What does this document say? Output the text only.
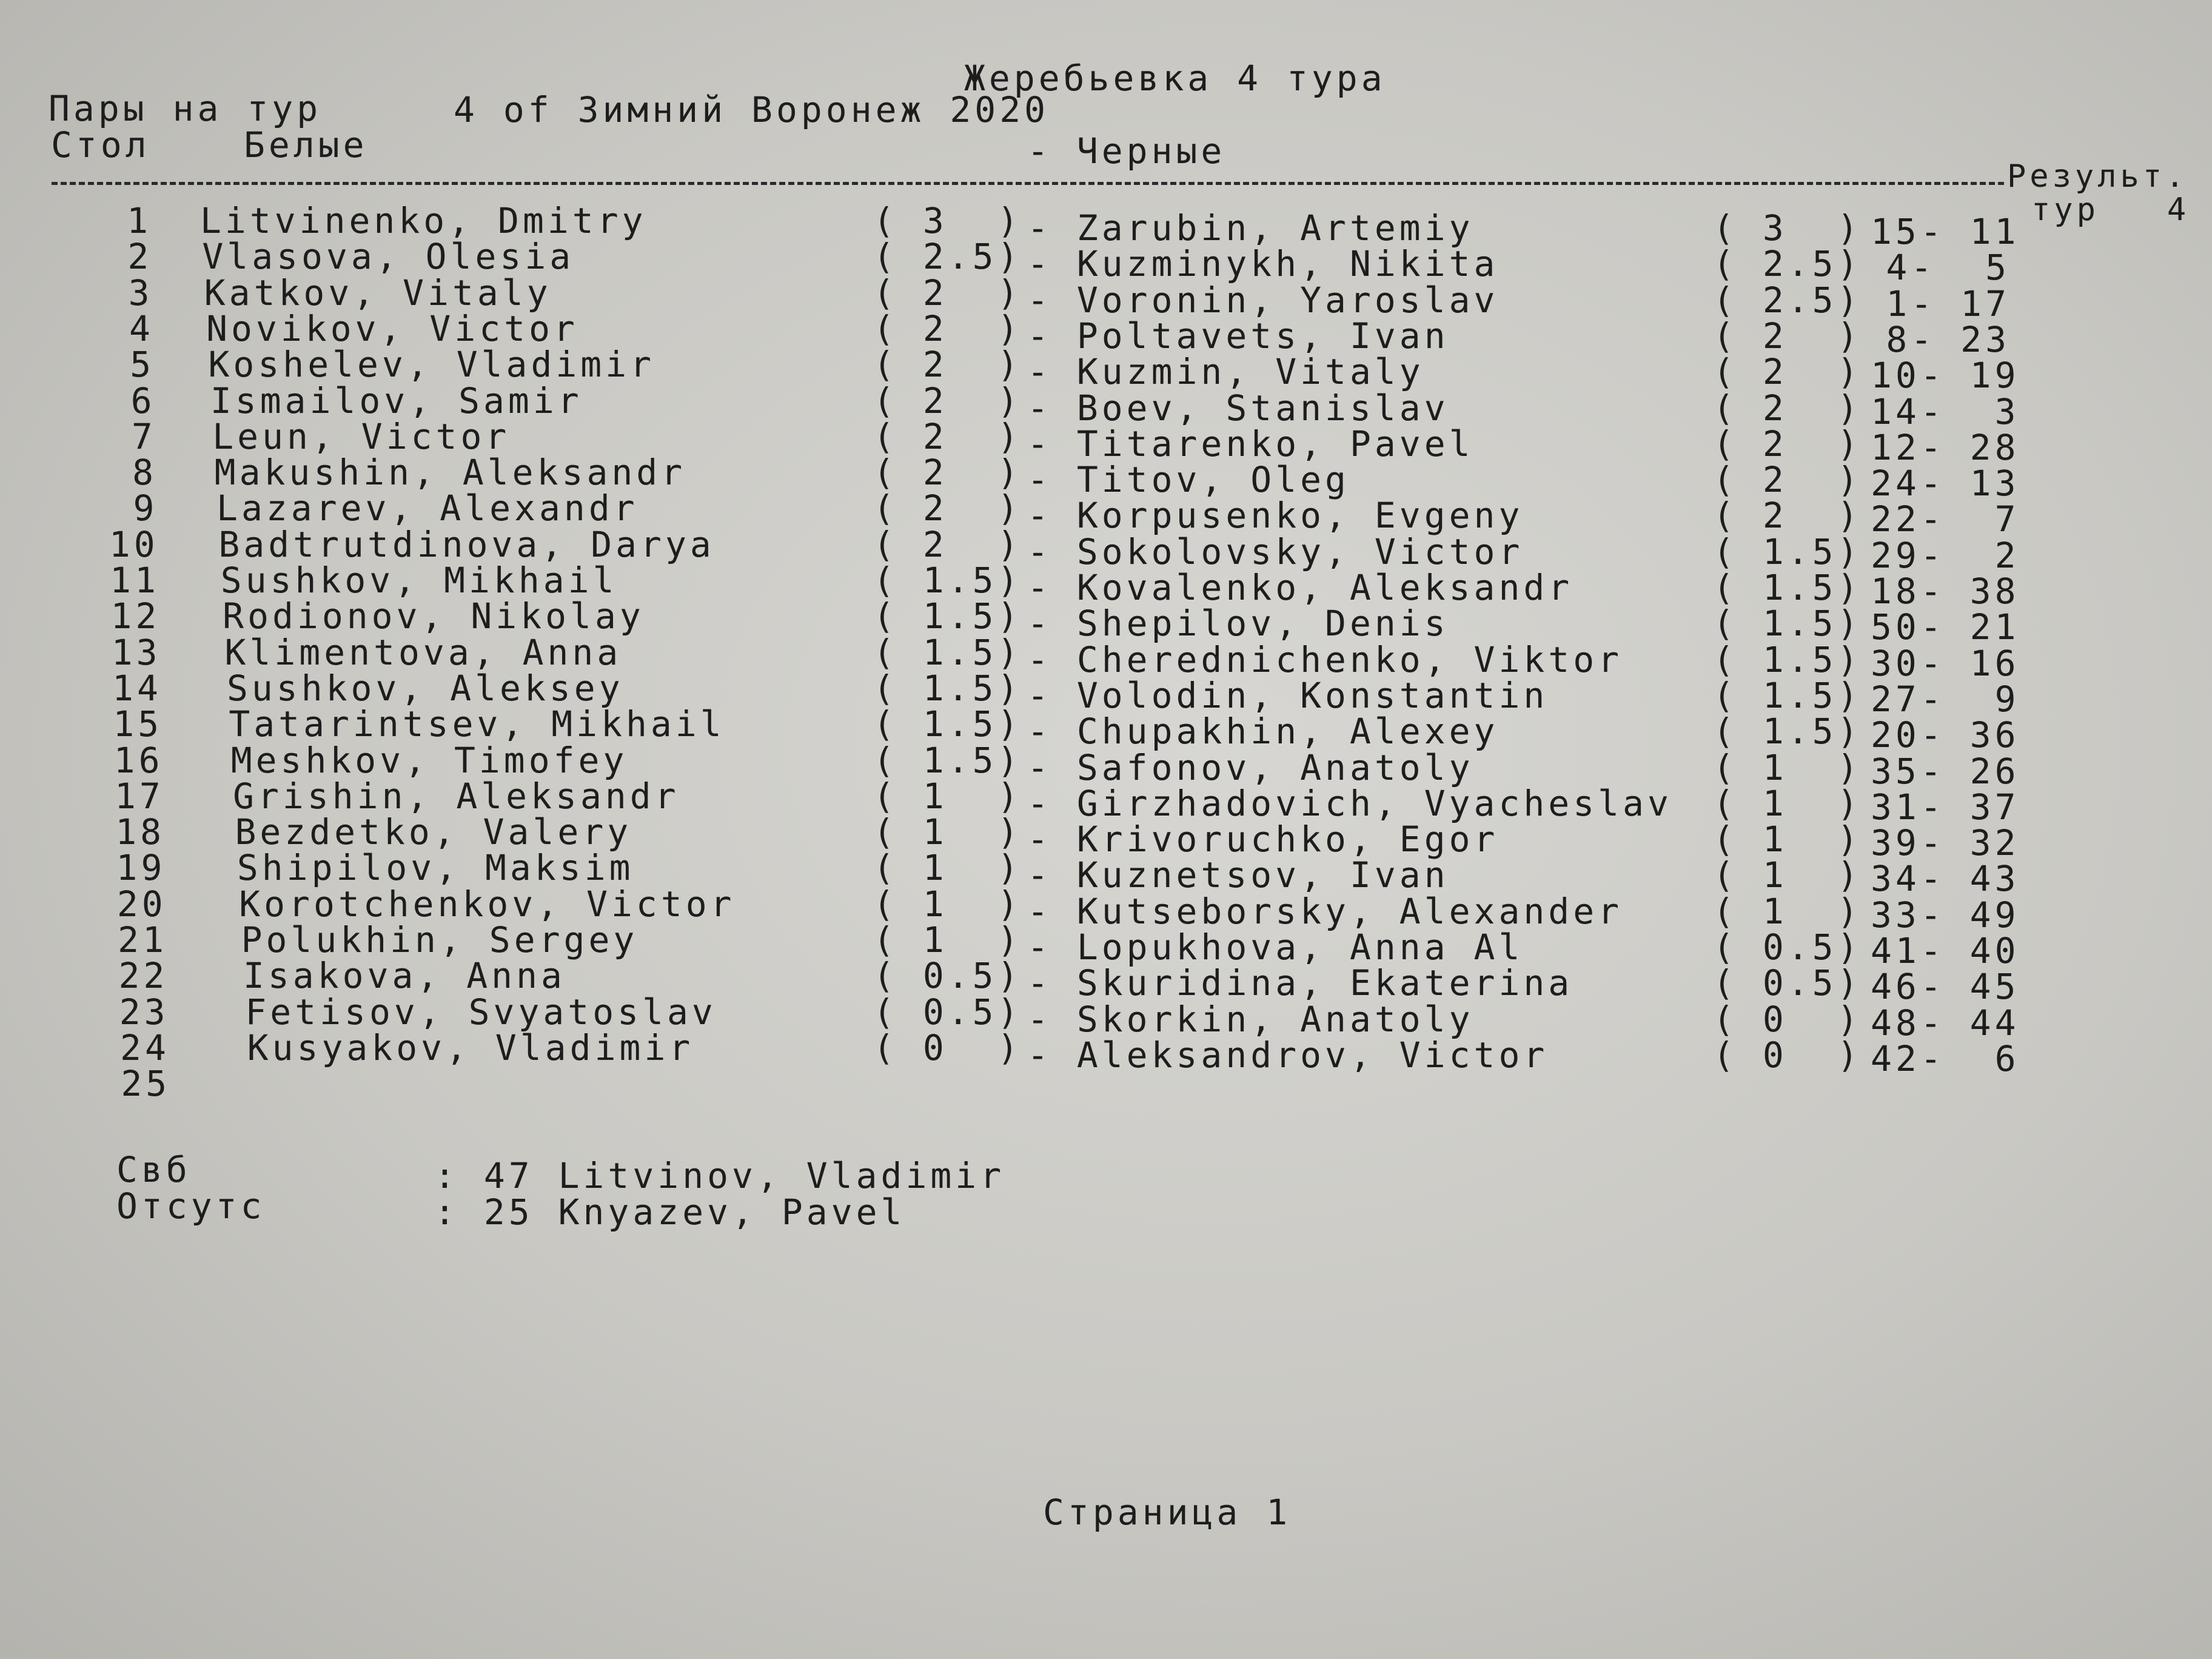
Жеребьевка 4 тура
Пары на тур	4 of Зимний Воронеж 2020
Стол	Белые	- Черные
Результ.
тур   4
1 Litvinenko, Dmitry	( 3  ) - Zarubin, Artemiy	( 3  ) 15- 11
2 Vlasova, Olesia	( 2.5) - Kuzminykh, Nikita	( 2.5) 4-  5
3 Katkov, Vitaly	( 2  ) - Voronin, Yaroslav	( 2.5) 1- 17
4 Novikov, Victor	( 2  ) - Poltavets, Ivan	( 2  ) 8- 23
5 Koshelev, Vladimir	( 2  ) - Kuzmin, Vitaly	( 2  ) 10- 19
6 Ismailov, Samir	( 2  ) - Boev, Stanislav	( 2  ) 14-  3
7 Leun, Victor	( 2  ) - Titarenko, Pavel	( 2  ) 12- 28
8 Makushin, Aleksandr	( 2  ) - Titov, Oleg	( 2  ) 24- 13
9 Lazarev, Alexandr	( 2  ) - Korpusenko, Evgeny	( 2  ) 22-  7
10 Badtrutdinova, Darya	( 2  ) - Sokolovsky, Victor	( 1.5) 29-  2
11 Sushkov, Mikhail	( 1.5) - Kovalenko, Aleksandr	( 1.5) 18- 38
12 Rodionov, Nikolay	( 1.5) - Shepilov, Denis	( 1.5) 50- 21
13 Klimentova, Anna	( 1.5) - Cherednichenko, Viktor	( 1.5) 30- 16
14 Sushkov, Aleksey	( 1.5) - Volodin, Konstantin	( 1.5) 27-  9
15 Tatarintsev, Mikhail	( 1.5) - Chupakhin, Alexey	( 1.5) 20- 36
16 Meshkov, Timofey	( 1.5) - Safonov, Anatoly	( 1  ) 35- 26
17 Grishin, Aleksandr	( 1  ) - Girzhadovich, Vyacheslav ( 1  ) 31- 37
18 Bezdetko, Valery	( 1  ) - Krivoruchko, Egor	( 1  ) 39- 32
19 Shipilov, Maksim	( 1  ) - Kuznetsov, Ivan	( 1  ) 34- 43
20 Korotchenkov, Victor	( 1  ) - Kutseborsky, Alexander	( 1  ) 33- 49
21 Polukhin, Sergey	( 1  ) - Lopukhova, Anna Al	( 0.5) 41- 40
22 Isakova, Anna	( 0.5) - Skuridina, Ekaterina	( 0.5) 46- 45
23 Fetisov, Svyatoslav	( 0.5) - Skorkin, Anatoly	( 0  ) 48- 44
24 Kusyakov, Vladimir	( 0  ) - Aleksandrov, Victor	( 0  ) 42-  6
25
Свб	: 47 Litvinov, Vladimir
Отсутс	: 25 Knyazev, Pavel
Страница 1
